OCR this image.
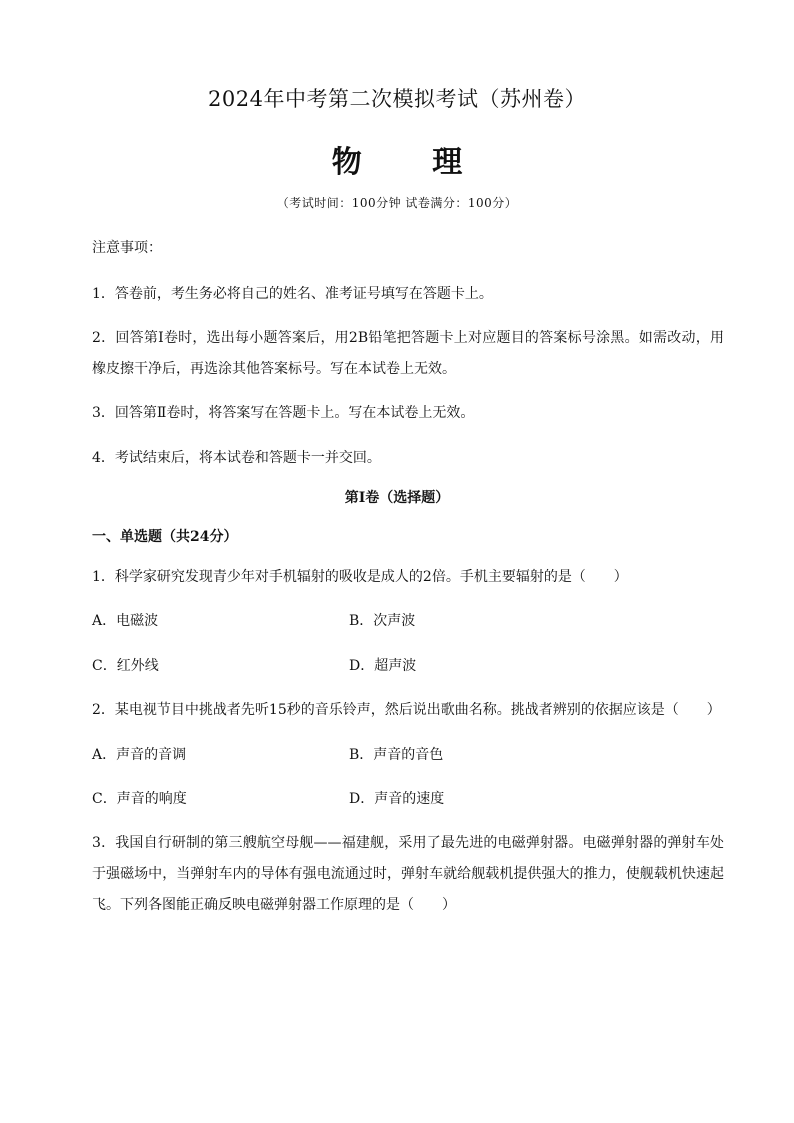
2024年中考第二次模拟考试（苏州卷）
物 理
（考试时间：100分钟 试卷满分：100分）
注意事项：
1．答卷前，考生务必将自己的姓名、准考证号填写在答题卡上。
2．回答第Ⅰ卷时，选出每小题答案后，用2B铅笔把答题卡上对应题目的答案标号涂黑。如需改动，用橡皮擦干净后，再选涂其他答案标号。写在本试卷上无效。
3．回答第Ⅱ卷时，将答案写在答题卡上。写在本试卷上无效。
4．考试结束后，将本试卷和答题卡一并交回。
第Ⅰ卷（选择题）
一、单选题（共24分）
1．科学家研究发现青少年对手机辐射的吸收是成人的2倍。手机主要辐射的是（　　）
A．电磁波	B．次声波
C．红外线	D．超声波
2．某电视节目中挑战者先听15秒的音乐铃声，然后说出歌曲名称。挑战者辨别的依据应该是（　　）
A．声音的音调	B．声音的音色
C．声音的响度	D．声音的速度
3．我国自行研制的第三艘航空母舰——福建舰，采用了最先进的电磁弹射器。电磁弹射器的弹射车处于强磁场中，当弹射车内的导体有强电流通过时，弹射车就给舰载机提供强大的推力，使舰载机快速起飞。下列各图能正确反映电磁弹射器工作原理的是（　　）
